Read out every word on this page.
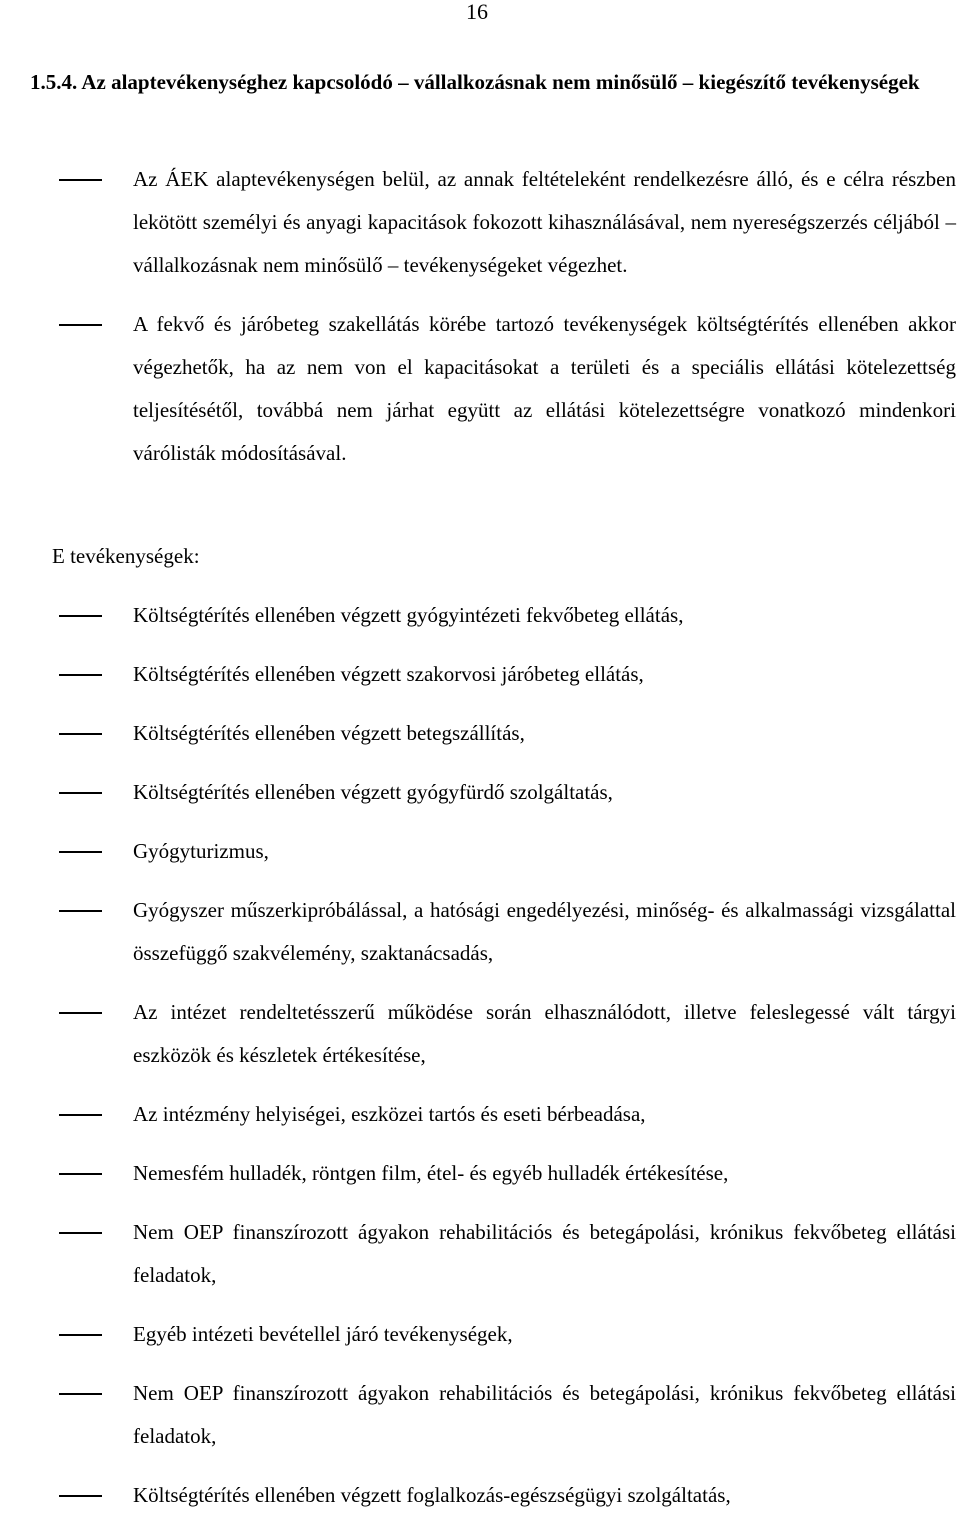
16
1.5.4. Az alaptevékenységhez kapcsolódó – vállalkozásnak nem minősülő – kiegészítő tevékenységek
Az ÁEK alaptevékenységen belül, az annak feltételeként rendelkezésre álló, és e célra részben lekötött személyi és anyagi kapacitások fokozott kihasználásával, nem nyereségszerzés céljából – vállalkozásnak nem minősülő – tevékenységeket végezhet.
A fekvő és járóbeteg szakellátás körébe tartozó tevékenységek költségtérítés ellenében akkor végezhetők, ha az nem von el kapacitásokat a területi és a speciális ellátási kötelezettség teljesítésétől, továbbá nem járhat együtt az ellátási kötelezettségre vonatkozó mindenkori várólisták módosításával.
E tevékenységek:
Költségtérítés ellenében végzett gyógyintézeti fekvőbeteg ellátás,
Költségtérítés ellenében végzett szakorvosi járóbeteg ellátás,
Költségtérítés ellenében végzett betegszállítás,
Költségtérítés ellenében végzett gyógyfürdő szolgáltatás,
Gyógyturizmus,
Gyógyszer műszerkipróbálással, a hatósági engedélyezési, minőség- és alkalmassági vizsgálattal összefüggő szakvélemény, szaktanácsadás,
Az intézet rendeltetésszerű működése során elhasználódott, illetve feleslegessé vált tárgyi eszközök és készletek értékesítése,
Az intézmény helyiségei, eszközei tartós és eseti bérbeadása,
Nemesfém hulladék, röntgen film, étel- és egyéb hulladék értékesítése,
Nem OEP finanszírozott ágyakon rehabilitációs és betegápolási, krónikus fekvőbeteg ellátási feladatok,
Egyéb intézeti bevétellel járó tevékenységek,
Nem OEP finanszírozott ágyakon rehabilitációs és betegápolási, krónikus fekvőbeteg ellátási feladatok,
Költségtérítés ellenében végzett foglalkozás-egészségügyi szolgáltatás,
